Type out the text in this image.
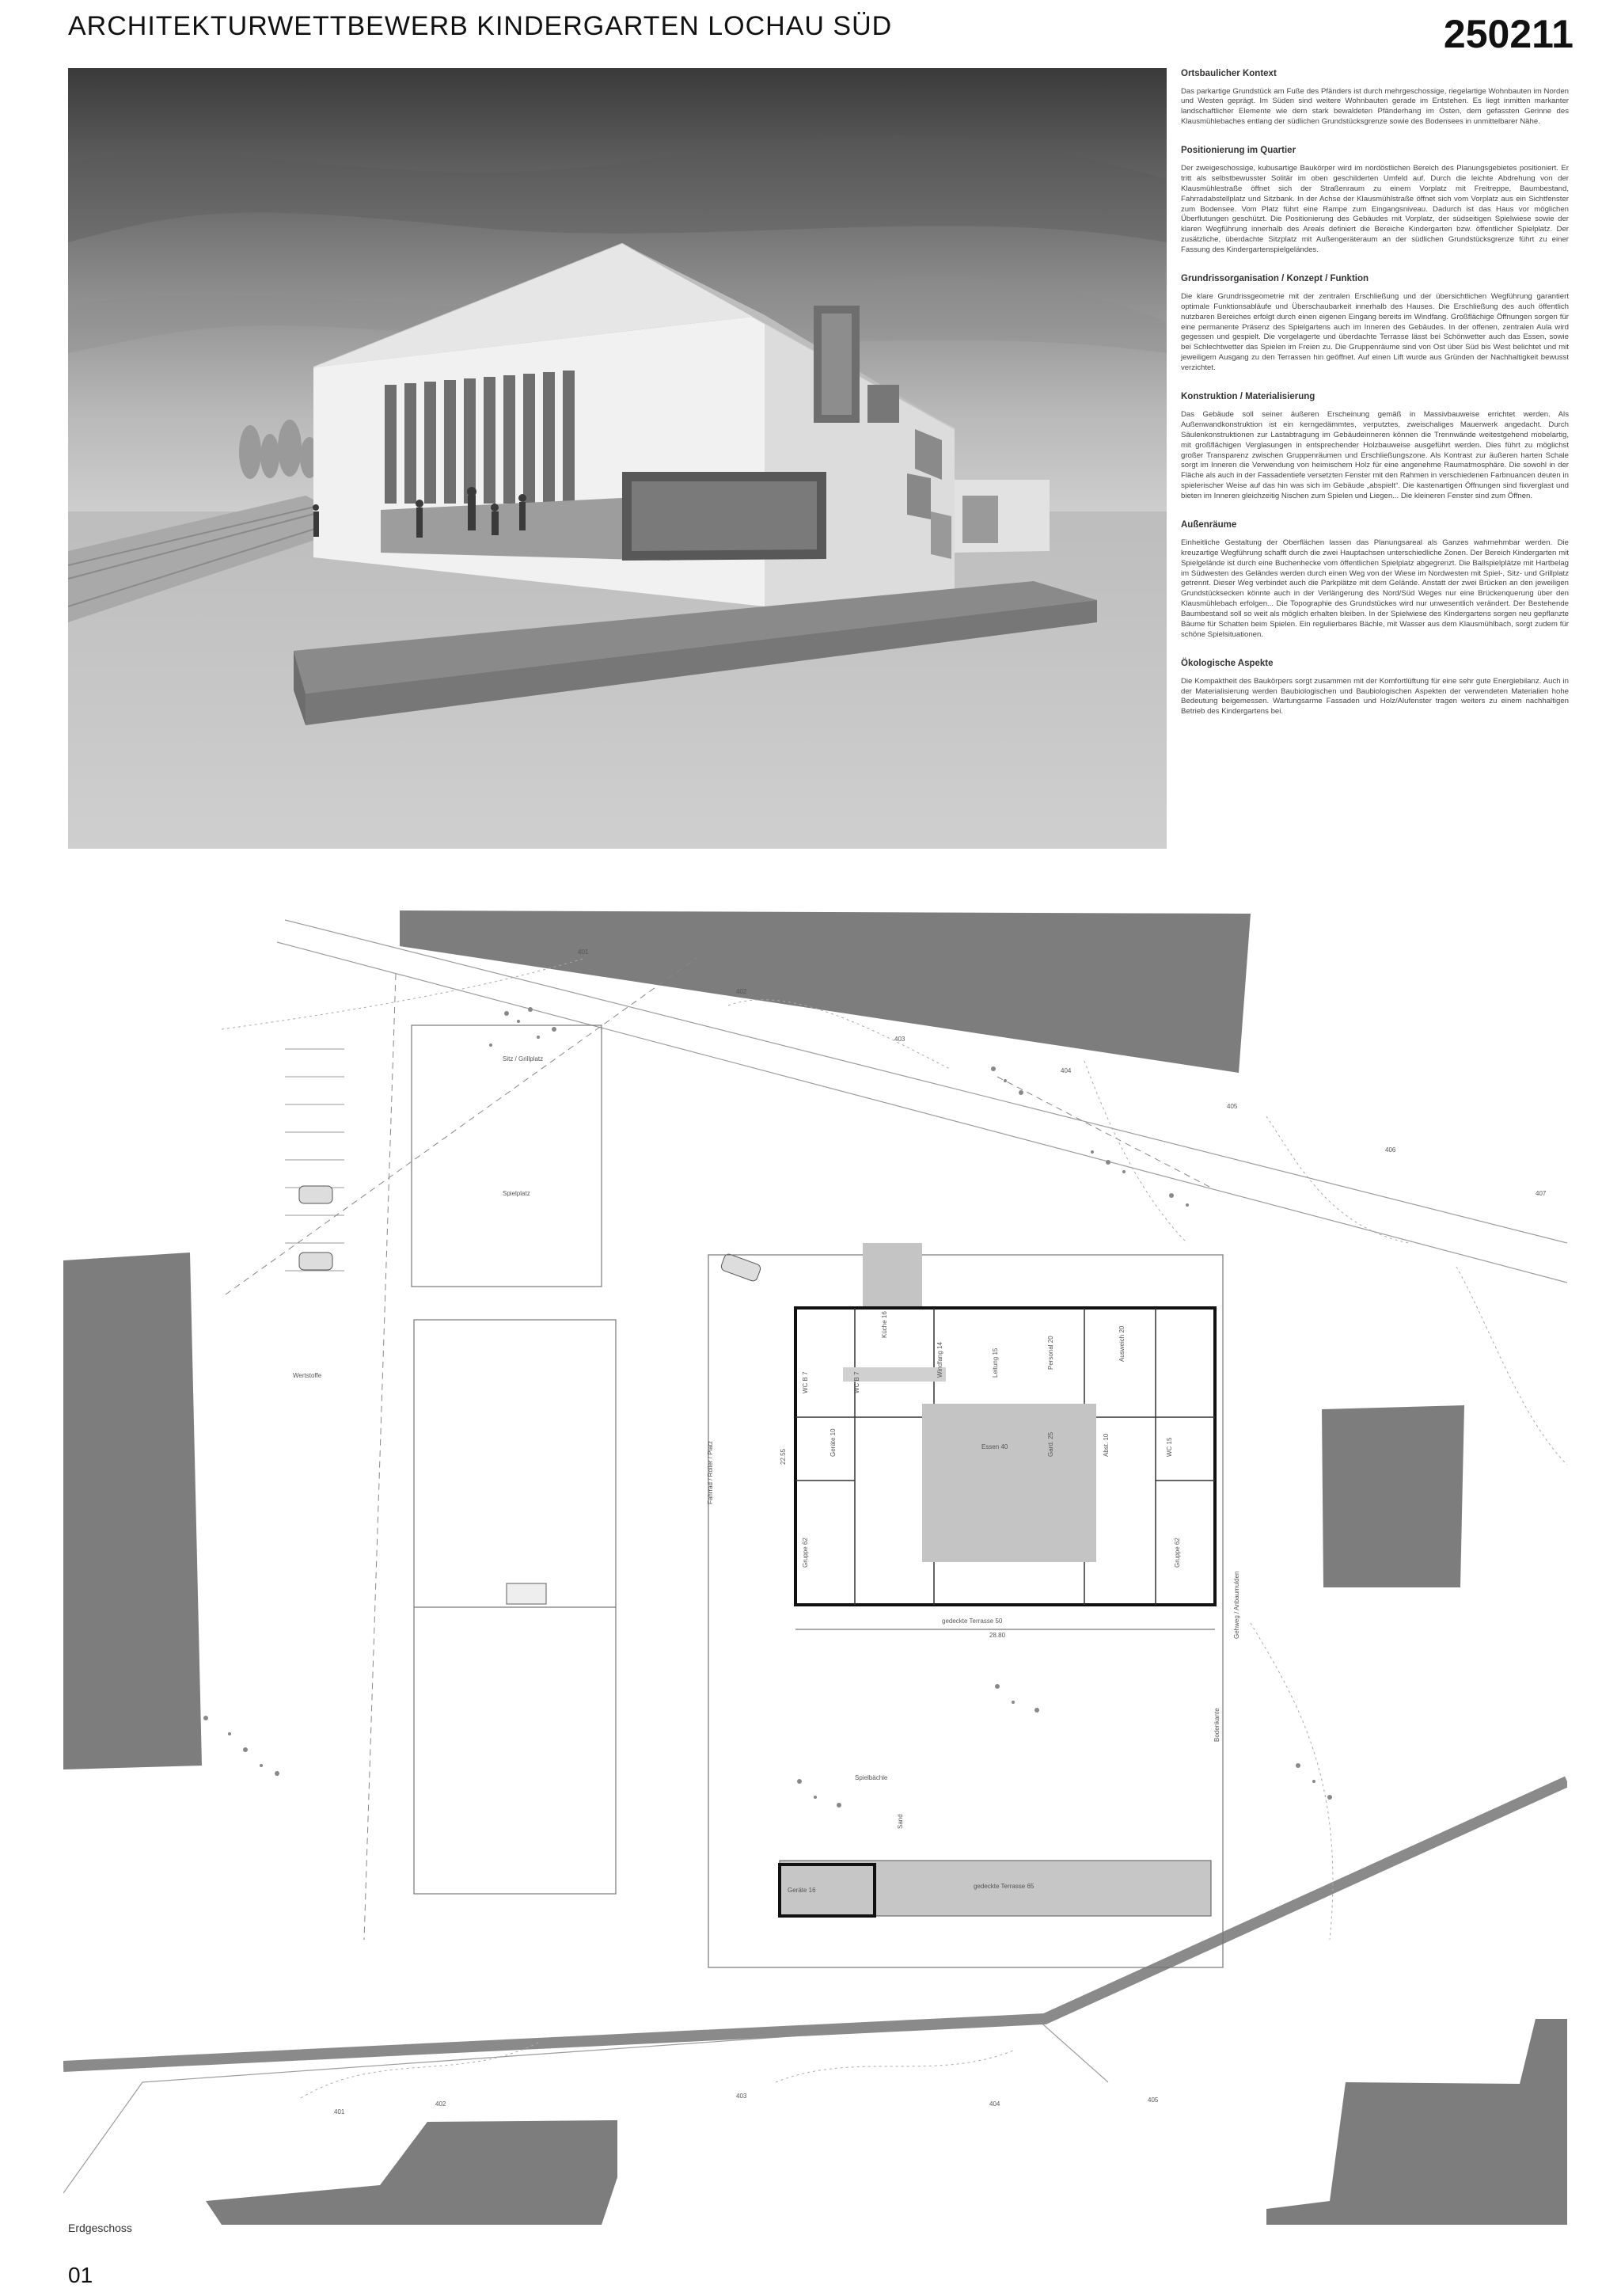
ARCHITEKTURWETTBEWERB KINDERGARTEN LOCHAU SÜD	250211
Ortsbaulicher Kontext

Das parkartige Grundstück am Fuße des Pfänders ist durch mehrgeschossige, riegelartige Wohnbauten im Norden und Westen geprägt. Im Süden sind weitere Wohnbauten gerade im Entstehen. Es liegt inmitten markanter landschaftlicher Elemente wie dem stark bewaldeten Pfänderhang im Osten, dem gefassten Gerinne des Klausmühlebaches entlang der südlichen Grundstücksgrenze sowie des Bodensees in unmittelbarer Nähe.

Positionierung im Quartier

Der zweigeschossige, kubusartige Baukörper wird im nordöstlichen Bereich des Planungsgebietes positioniert. Er tritt als selbstbewusster Solitär im oben geschilderten Umfeld auf. Durch die leichte Abdrehung von der Klausmühlestraße öffnet sich der Straßenraum zu einem Vorplatz mit Freitreppe, Baumbestand, Fahrradabstellplatz und Sitzbank. In der Achse der Klausmühlstraße öffnet sich vom Vorplatz aus ein Sichtfenster zum Bodensee. Vom Platz führt eine Rampe zum Eingangsniveau. Dadurch ist das Haus vor möglichen Überflutungen geschützt. Die Positionierung des Gebäudes mit Vorplatz, der südseitigen Spielwiese sowie der klaren Wegführung innerhalb des Areals definiert die Bereiche Kindergarten bzw. öffentlicher Spielplatz. Der zusätzliche, überdachte Sitzplatz mit Außengeräteraum an der südlichen Grundstücksgrenze führt zu einer Fassung des Kindergartenspielgeländes.

Grundrissorganisation / Konzept / Funktion

Die klare Grundrissgeometrie mit der zentralen Erschließung und der übersichtlichen Wegführung garantiert optimale Funktionsabläufe und Überschaubarkeit innerhalb des Hauses. Die Erschließung des auch öffentlich nutzbaren Bereiches erfolgt durch einen eigenen Eingang bereits im Windfang. Großflächige Öffnungen sorgen für eine permanente Präsenz des Spielgartens auch im Inneren des Gebäudes. In der offenen, zentralen Aula wird gegessen und gespielt. Die vorgelagerte und überdachte Terrasse lässt bei Schönwetter auch das Essen, sowie bei Schlechtwetter das Spielen im Freien zu. Die Gruppenräume sind von Ost über Süd bis West belichtet und mit jeweiligem Ausgang zu den Terrassen hin geöffnet. Auf einen Lift wurde aus Gründen der Nachhaltigkeit bewusst verzichtet.

Konstruktion / Materialisierung

Das Gebäude soll seiner äußeren Erscheinung gemäß in Massivbauweise errichtet werden. Als Außenwandkonstruktion ist ein kerngedämmtes, verputztes, zweischaliges Mauerwerk angedacht. Durch Säulenkonstruktionen zur Lastabtragung im Gebäudeinneren können die Trennwände weitestgehend mobelartig, mit großflächigen Verglasungen in entsprechender Holzbauweise ausgeführt werden. Dies führt zu möglichst großer Transparenz zwischen Gruppenräumen und Erschließungszone. Als Kontrast zur äußeren harten Schale sorgt im Inneren die Verwendung von heimischem Holz für eine angenehme Raumatmosphäre. Die sowohl in der Fläche als auch in der Fassadentiefe versetzten Fenster mit den Rahmen in verschiedenen Farbnuancen deuten in spielerischer Weise auf das hin was sich im Gebäude „abspielt“. Die kastenartigen Öffnungen sind fixverglast und bieten im Inneren gleichzeitig Nischen zum Spielen und Liegen... Die kleineren Fenster sind zum Öffnen.

Außenräume

Einheitliche Gestaltung der Oberflächen lassen das Planungsareal als Ganzes wahrnehmbar werden. Die kreuzartige Wegführung schafft durch die zwei Hauptachsen unterschiedliche Zonen. Der Bereich Kindergarten mit Spielgelände ist durch eine Buchenhecke vom öffentlichen Spielplatz abgegrenzt. Die Ballspielplätze mit Hartbelag im Südwesten des Geländes werden durch einen Weg von der Wiese im Nordwesten mit Spiel-, Sitz- und Grillplatz getrennt. Dieser Weg verbindet auch die Parkplätze mit dem Gelände. Anstatt der zwei Brücken an den jeweiligen Grundstücksecken könnte auch in der Verlängerung des Nord/Süd Weges nur eine Brückenquerung über den Klausmühlebach erfolgen... Die Topographie des Grundstückes wird nur unwesentlich verändert. Der Bestehende Baumbestand soll so weit als möglich erhalten bleiben. In der Spielwiese des Kindergartens sorgen neu gepflanzte Bäume für Schatten beim Spielen. Ein regulierbares Bächle, mit Wasser aus dem Klausmühlbach, sorgt zudem für schöne Spielsituationen.

Ökologische Aspekte

Die Kompaktheit des Baukörpers sorgt zusammen mit der Komfortlüftung für eine sehr gute Energiebilanz. Auch in der Materialisierung werden Baubiologischen und Baubiologischen Aspekten der verwendeten Materialien hohe Bedeutung beigemessen. Wartungsarme Fassaden und Holz/Alufenster tragen weiters zu einem nachhaltigen Betrieb des Kindergartens bei.

401
402
403
404
405
406
407
401
402
403
404
405
Sitz / Grillplatz
Spielplatz
Wertstoffe
Fahrrad / Roller / Platz
gedeckte Terrasse 50
gedeckte Terrasse 65
Geräte 16
Spielbächle
Sand
Gehweg / Anbaumulden
Bodenkante
Küche 16
WC B 7	WC B 7
Windfang 14	Leitung 15	Personal 20
Geräte 10	Essen 40	Gard. 25
Ausweich 20
Abst. 10	WC 15
Gruppe 62	Gruppe 62
28.80
22.55
Erdgeschoss
01
